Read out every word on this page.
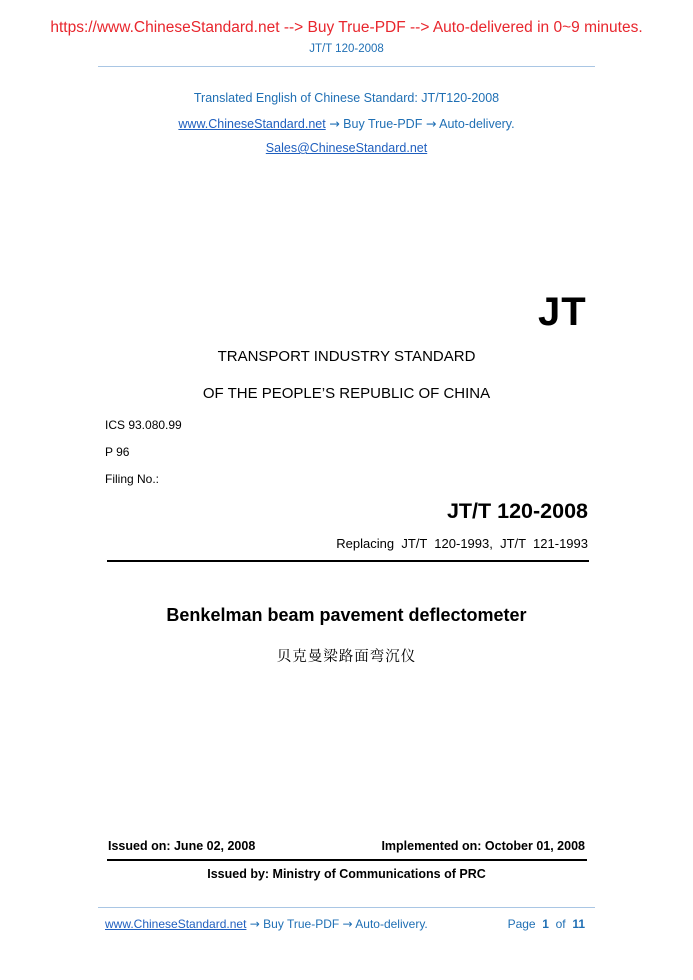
https://www.ChineseStandard.net --> Buy True-PDF --> Auto-delivered in 0~9 minutes.
JT/T 120-2008
Translated English of Chinese Standard: JT/T120-2008
www.ChineseStandard.net → Buy True-PDF → Auto-delivery.
Sales@ChineseStandard.net
JT
TRANSPORT INDUSTRY STANDARD
OF THE PEOPLE’S REPUBLIC OF CHINA
ICS 93.080.99
P 96
Filing No.:
JT/T 120-2008
Replacing  JT/T  120-1993,  JT/T  121-1993
Benkelman beam pavement deflectometer
贝克曼梁路面弯沉仪
Issued on: June 02, 2008	Implemented on: October 01, 2008
Issued by: Ministry of Communications of PRC
www.ChineseStandard.net → Buy True-PDF → Auto-delivery.	Page 1 of 11
